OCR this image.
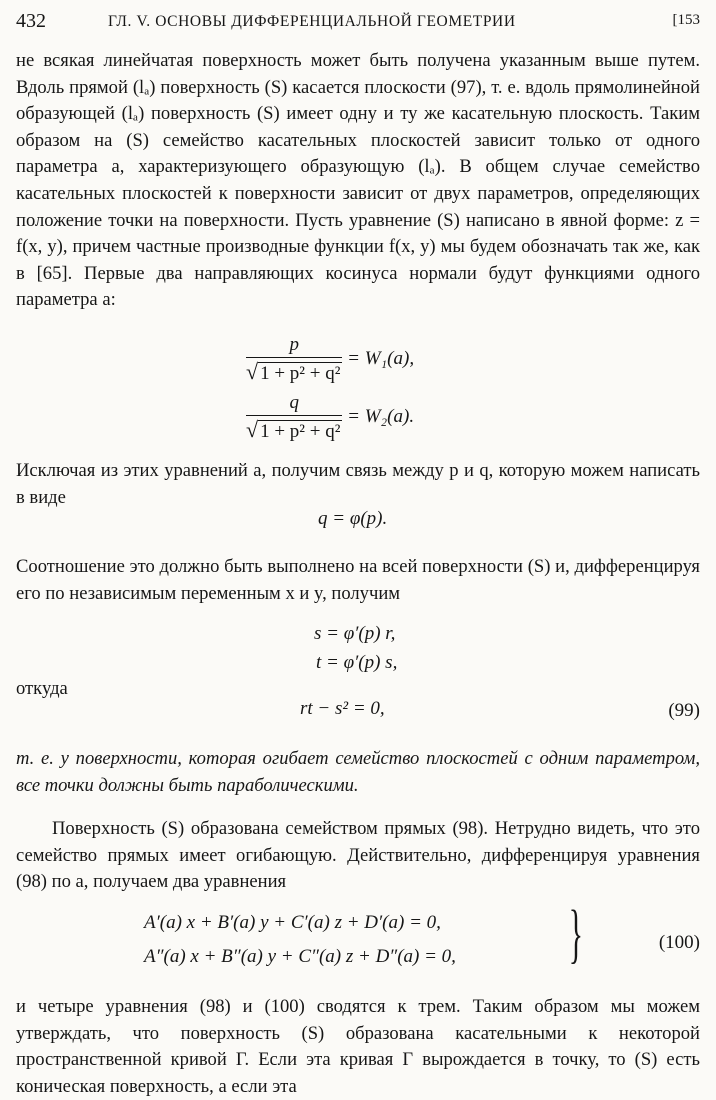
432	ГЛ. V. ОСНОВЫ ДИФФЕРЕНЦИАЛЬНОЙ ГЕОМЕТРИИ	[153

не всякая линейчатая поверхность может быть получена указанным выше путем. Вдоль прямой (lₐ) поверхность (S) касается плоскости (97), т. е. вдоль прямолинейной образующей (lₐ) поверхность (S) имеет одну и ту же касательную плоскость. Таким образом на (S) семейство касательных плоскостей зависит только от одного параметра a, характеризующего образующую (lₐ). В общем случае семейство касательных плоскостей к поверхности зависит от двух параметров, определяющих положение точки на поверхности. Пусть уравнение (S) написано в явной форме: z = f(x, y), причем частные производные функции f(x, y) мы будем обозначать так же, как в [65]. Первые два направляющих косинуса нормали будут функциями одного параметра a:

$\frac{p}{\text{√ 1 + p² + q²}} = W_1(a)$,
$\frac{q}{\text{√ 1 + p² + q²}} = W_2(a)$.

Исключая из этих уравнений a, получим связь между p и q, которую можем написать в виде

q = φ(p).

Соотношение это должно быть выполнено на всей поверхности (S) и, дифференцируя его по независимым переменным x и y, получим

s = φ′(p) r,
t = φ′(p) s,

откуда

rt − s² = 0,	(99)

т. е. у поверхности, которая огибает семейство плоскостей с одним параметром, все точки должны быть параболическими.

Поверхность (S) образована семейством прямых (98). Нетрудно видеть, что это семейство прямых имеет огибающую. Действительно, дифференцируя уравнения (98) по a, получаем два уравнения

A′(a) x + B′(a) y + C′(a) z + D′(a) = 0,
A″(a) x + B″(a) y + C″(a) z + D″(a) = 0, }	(100)

и четыре уравнения (98) и (100) сводятся к трем. Таким образом мы можем утверждать, что поверхность (S) образована касательными к некоторой пространственной кривой Г. Если эта кривая Г вырождается в точку, то (S) есть коническая поверхность, а если эта
